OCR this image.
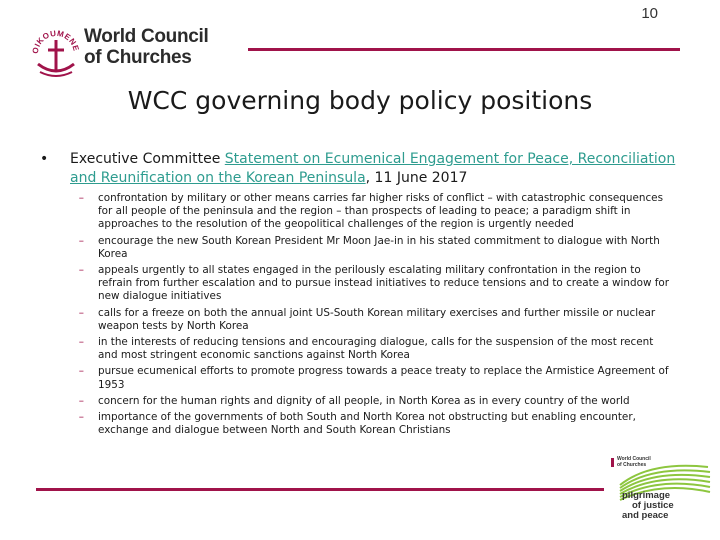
10
OIKOUMENE
World Council
of Churches
WCC governing body policy positions
•	Executive Committee Statement on Ecumenical Engagement for Peace, Reconciliation and Reunification on the Korean Peninsula, 11 June 2017
–	confrontation by military or other means carries far higher risks of conflict – with catastrophic consequences for all people of the peninsula and the region – than prospects of leading to peace; a paradigm shift in approaches to the resolution of the geopolitical challenges of the region is urgently needed
–	encourage the new South Korean President Mr Moon Jae-in in his stated commitment to dialogue with North Korea
–	appeals urgently to all states engaged in the perilously escalating military confrontation in the region to refrain from further escalation and to pursue instead initiatives to reduce tensions and to create a window for new dialogue initiatives
–	calls for a freeze on both the annual joint US-South Korean military exercises and further missile or nuclear weapon tests by North Korea
–	in the interests of reducing tensions and encouraging dialogue, calls for the suspension of the most recent and most stringent economic sanctions against North Korea
–	pursue ecumenical efforts to promote progress towards a peace treaty to replace the Armistice Agreement of 1953
–	concern for the human rights and dignity of all people, in North Korea as in every country of the world
–	importance of the governments of both South and North Korea not obstructing but enabling encounter, exchange and dialogue between North and South Korean Christians
World Council
of Churches
pilgrimage
of justice
and peace
